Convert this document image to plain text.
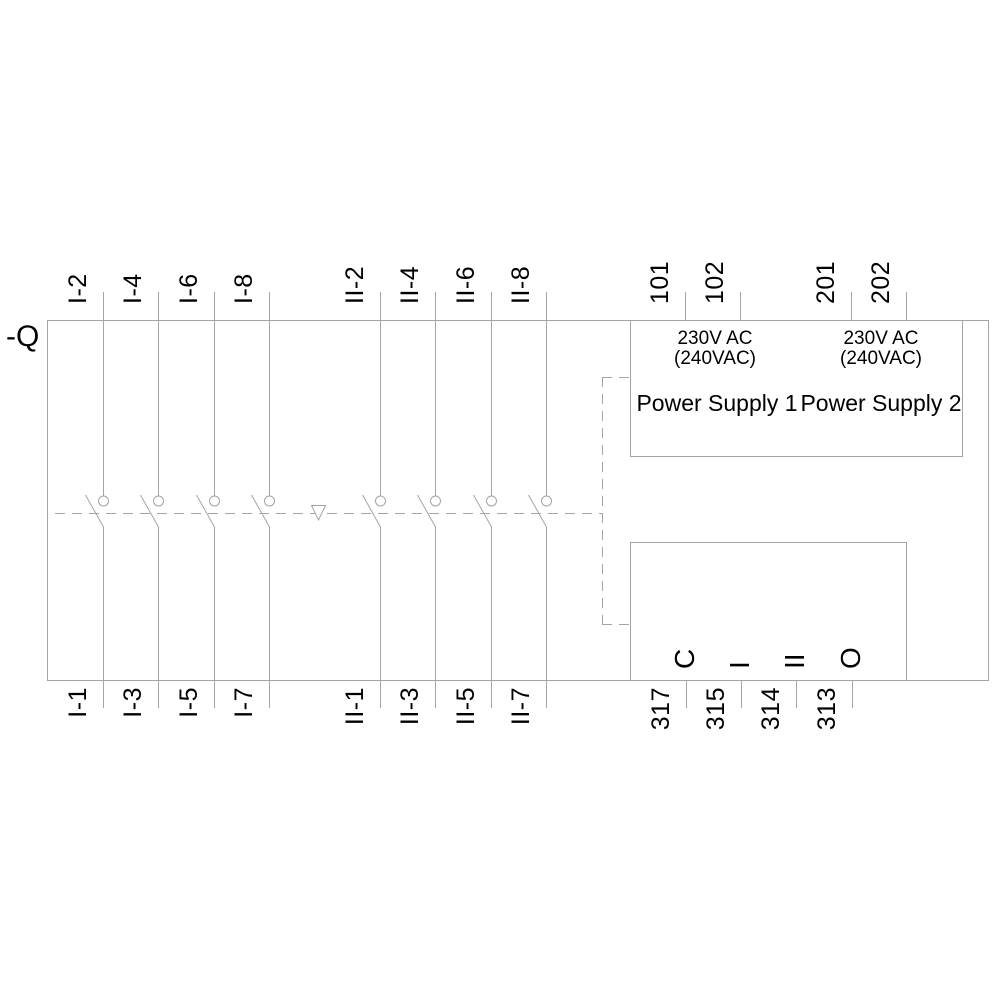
-Q	230V AC
(240VAC)
230V AC
(240VAC)
Power Supply 1 Power Supply 2
I-2
I-1
I-4
I-3
I-6
I-5
I-8
I-7
II-2
II-1
II-4
II-3
II-6
II-5
II-8
II-7
101 102	201 202
317
C
315
I
314
II
313
O
